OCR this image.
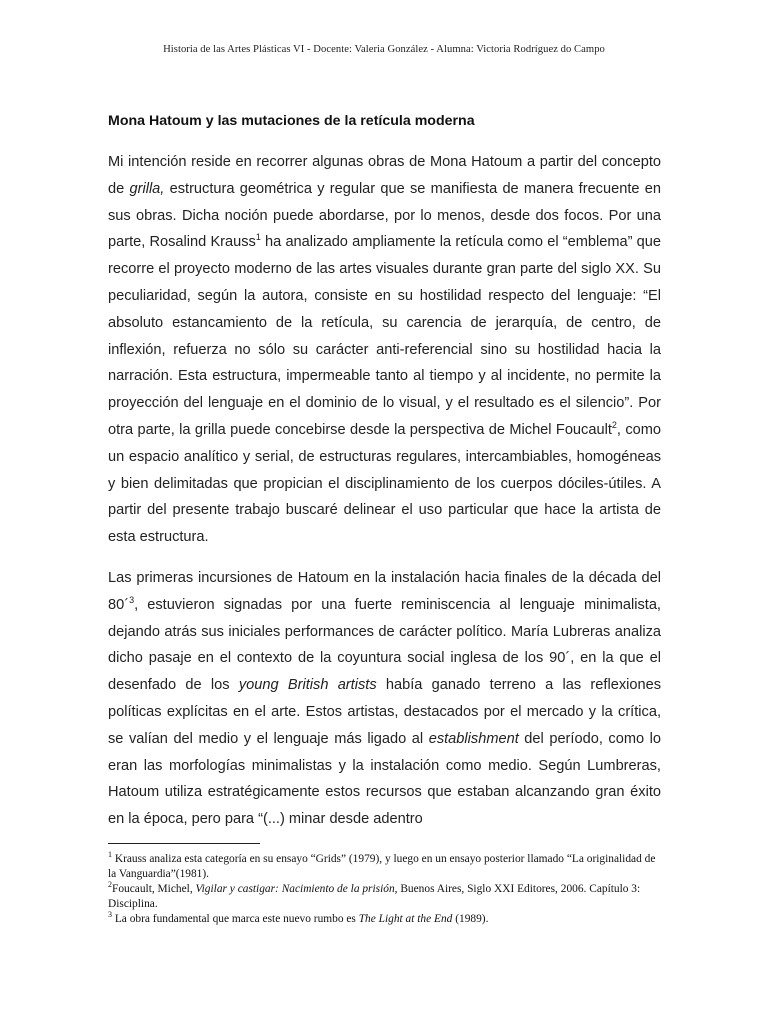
Historia de las Artes Plásticas VI - Docente: Valeria González - Alumna: Victoria Rodríguez do Campo
Mona Hatoum y las mutaciones de la retícula moderna
Mi intención reside en recorrer algunas obras de Mona Hatoum a partir del concepto de grilla, estructura geométrica y regular que se manifiesta de manera frecuente en sus obras. Dicha noción puede abordarse, por lo menos, desde dos focos. Por una parte, Rosalind Krauss$^1$ ha analizado ampliamente la retícula como el “emblema” que recorre el proyecto moderno de las artes visuales durante gran parte del siglo XX. Su peculiaridad, según la autora, consiste en su hostilidad respecto del lenguaje: “El absoluto estancamiento de la retícula, su carencia de jerarquía, de centro, de inflexión, refuerza no sólo su carácter anti-referencial sino su hostilidad hacia la narración. Esta estructura, impermeable tanto al tiempo y al incidente, no permite la proyección del lenguaje en el dominio de lo visual, y el resultado es el silencio”. Por otra parte, la grilla puede concebirse desde la perspectiva de Michel Foucault$^2$, como un espacio analítico y serial, de estructuras regulares, intercambiables, homogéneas y bien delimitadas que propician el disciplinamiento de los cuerpos dóciles-útiles. A partir del presente trabajo buscaré delinear el uso particular que hace la artista de esta estructura.
Las primeras incursiones de Hatoum en la instalación hacia finales de la década del 80´$^3$, estuvieron signadas por una fuerte reminiscencia al lenguaje minimalista, dejando atrás sus iniciales performances de carácter político. María Lubreras analiza dicho pasaje en el contexto de la coyuntura social inglesa de los 90´, en la que el desenfado de los young British artists había ganado terreno a las reflexiones políticas explícitas en el arte. Estos artistas, destacados por el mercado y la crítica, se valían del medio y el lenguaje más ligado al establishment del período, como lo eran las morfologías minimalistas y la instalación como medio. Según Lumbreras, Hatoum utiliza estratégicamente estos recursos que estaban alcanzando gran éxito en la época, pero para “(...) minar desde adentro

$^1$ Krauss analiza esta categoría en su ensayo “Grids” (1979), y luego en un ensayo posterior llamado “La originalidad de la Vanguardia”(1981).

$^2$Foucault, Michel, Vigilar y castigar: Nacimiento de la prisión, Buenos Aires, Siglo XXI Editores, 2006. Capítulo 3: Disciplina.

$^3$ La obra fundamental que marca este nuevo rumbo es The Light at the End (1989).
